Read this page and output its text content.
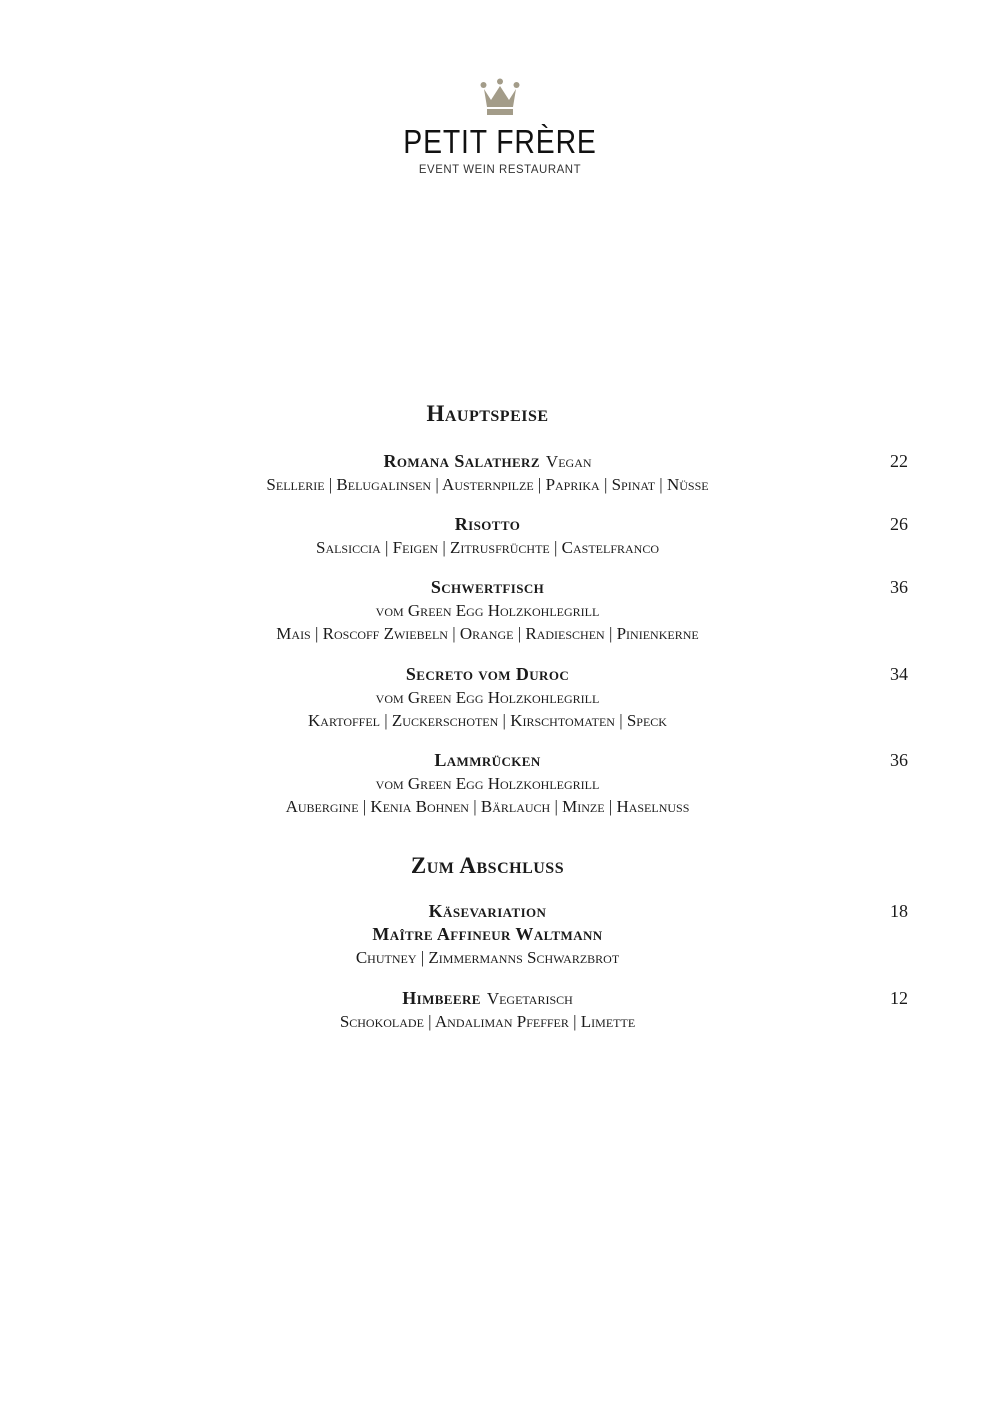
PETIT FRÈRE
EVENT WEIN RESTAURANT
Hauptspeise
Romana Salatherz Vegan
Sellerie | Belugalinsen | Austernpilze | Paprika | Spinat | Nüsse
22
Risotto
Salsiccia | Feigen | Zitrusfrüchte | Castelfranco
26
Schwertfisch
vom Green Egg Holzkohlegrill
Mais | Roscoff Zwiebeln | Orange | Radieschen | Pinienkerne
36
Secreto vom Duroc
vom Green Egg Holzkohlegrill
Kartoffel | Zuckerschoten | Kirschtomaten | Speck
34
Lammrücken
vom Green Egg Holzkohlegrill
Aubergine | Kenia Bohnen | Bärlauch | Minze | Haselnuss
36
Zum Abschluss
Käsevariation
Maître Affineur Waltmann
Chutney | Zimmermanns Schwarzbrot
18
Himbeere Vegetarisch
Schokolade | Andaliman Pfeffer | Limette
12
